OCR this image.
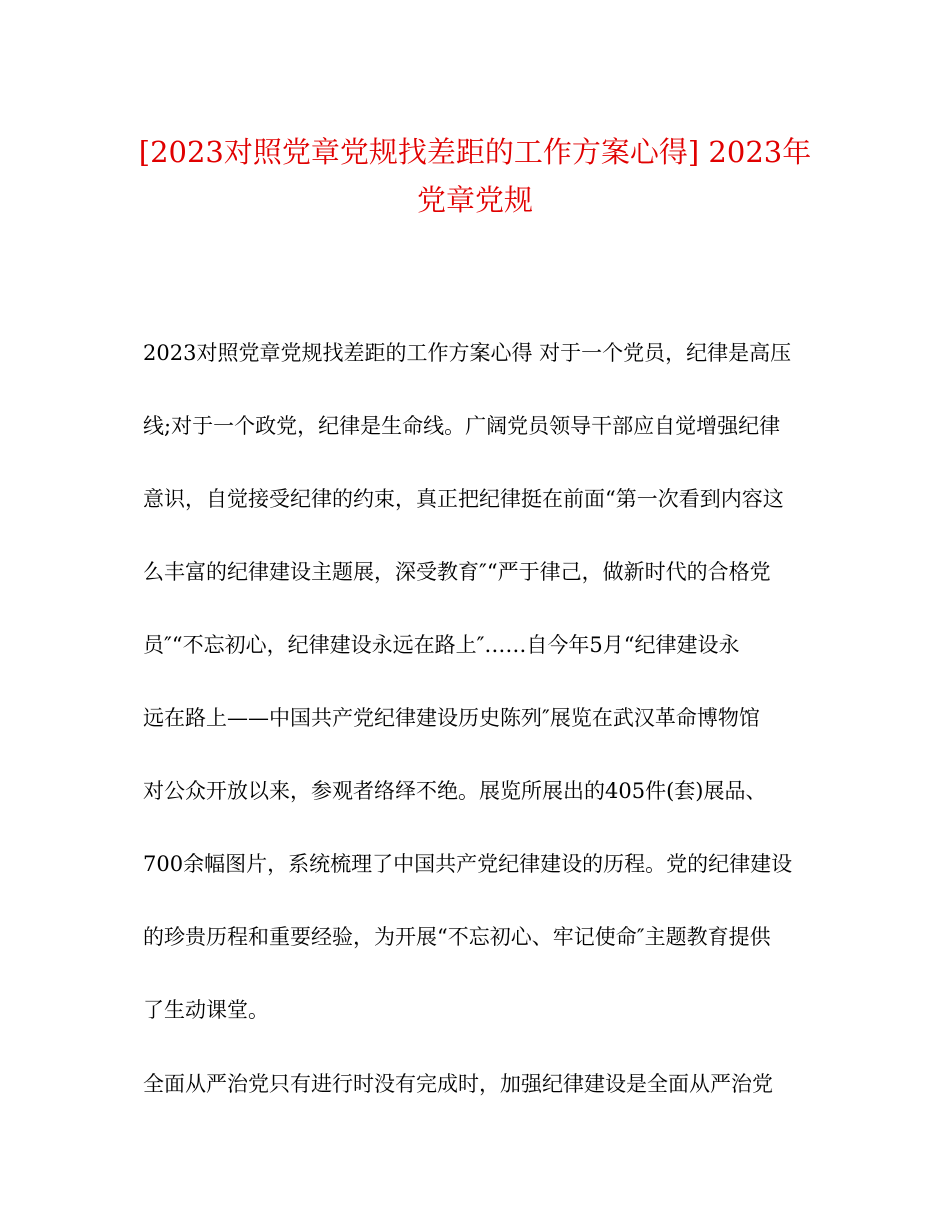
[2023对照党章党规找差距的工作方案心得] 2023年
党章党规
2023对照党章党规找差距的工作方案心得 对于一个党员，纪律是高压
线;对于一个政党，纪律是生命线。广阔党员领导干部应自觉增强纪律
意识，自觉接受纪律的约束，真正把纪律挺在前面“第一次看到内容这
么丰富的纪律建设主题展，深受教育″“严于律己，做新时代的合格党
员″“不忘初心，纪律建设永远在路上″……自今年5月“纪律建设永
远在路上——中国共产党纪律建设历史陈列″展览在武汉革命博物馆
对公众开放以来，参观者络绎不绝。展览所展出的405件(套)展品、
700余幅图片，系统梳理了中国共产党纪律建设的历程。党的纪律建设
的珍贵历程和重要经验，为开展“不忘初心、牢记使命″主题教育提供
了生动课堂。
全面从严治党只有进行时没有完成时，加强纪律建设是全面从严治党
